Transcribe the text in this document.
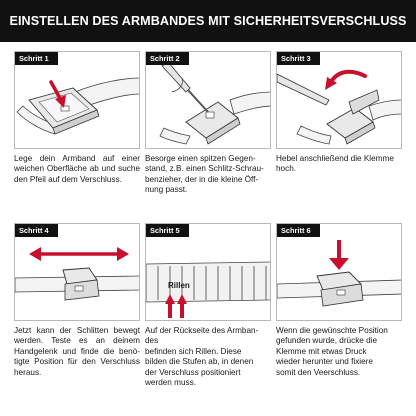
EINSTELLEN DES ARMBANDES MIT SICHERHEITSVERSCHLUSS
Schritt 1
Lege dein Armband auf einer weichen Oberfläche ab und suche den Pfeil auf dem Verschluss.
Schritt 2
Besorge einen spitzen Gegen-
stand, z.B. einen Schlitz-Schrau-
benzieher, der in die kleine Öff-
nung passt.
Schritt 3
Hebel anschließend die Klemme
hoch.
Schritt 4
Jetzt kann der Schlitten bewegt werden. Teste es an deinem Handgelenk und finde die benö-tigte Position für den Verschluss heraus.
Schritt 5
Rillen
Auf der Rückseite des Armban-
des
befinden sich Rillen. Diese
bilden die Stufen ab, in denen
der Verschluss positioniert
werden muss.
Schritt 6
Wenn die gewünschte Position
gefunden wurde, drücke die
Klemme mit etwas Druck
wieder herunter und fixiere
somit den Veerschluss.
